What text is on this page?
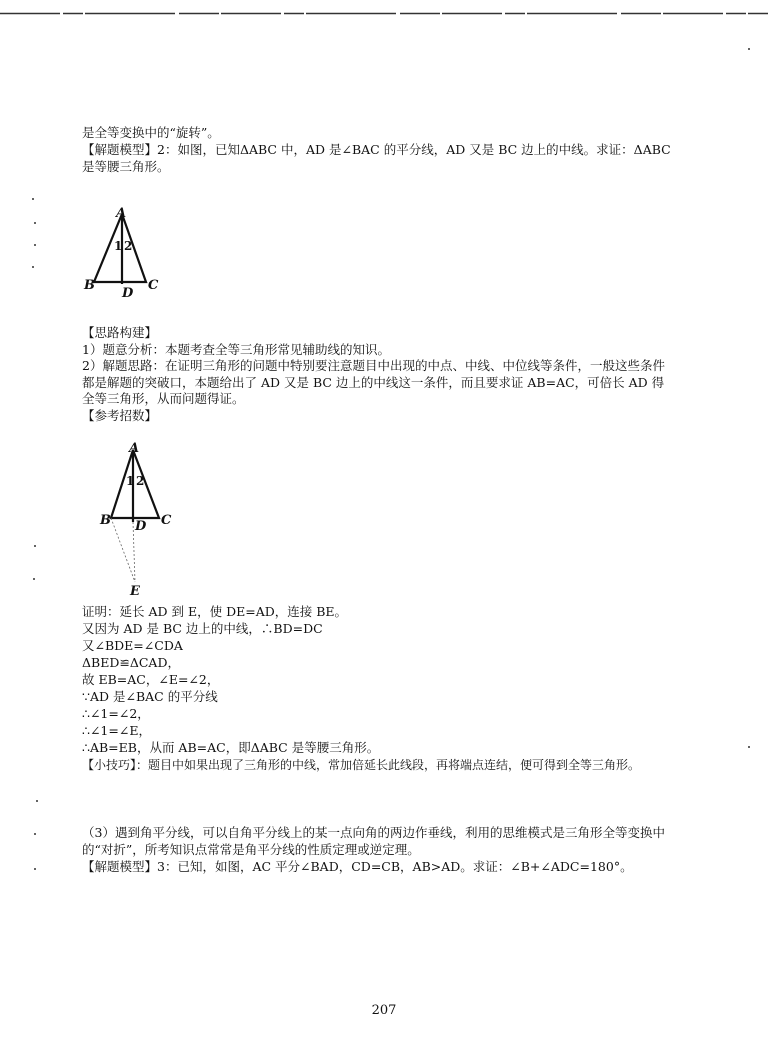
是全等变换中的“旋转”。
【解题模型】2：如图，已知ΔABC 中，AD 是∠BAC 的平分线，AD 又是 BC 边上的中线。求证：ΔABC
是等腰三角形。
A
1 2
B	C
D
【思路构建】
1）题意分析：本题考查全等三角形常见辅助线的知识。
2）解题思路：在证明三角形的问题中特别要注意题目中出现的中点、中线、中位线等条件，一般这些条件都是解题的突破口，本题给出了 AD 又是 BC 边上的中线这一条件，而且要求证 AB=AC，可倍长 AD 得全等三角形，从而问题得证。
【参考招数】
A
1 2
B	C
D
E
证明：延长 AD 到 E，使 DE=AD，连接 BE。
又因为 AD 是 BC 边上的中线，∴BD=DC
又∠BDE=∠CDA
ΔBED≌ΔCAD，
故 EB=AC，∠E=∠2，
∵AD 是∠BAC 的平分线
∴∠1=∠2，
∴∠1=∠E，
∴AB=EB，从而 AB=AC，即ΔABC 是等腰三角形。
【小技巧】：题目中如果出现了三角形的中线，常加倍延长此线段，再将端点连结，便可得到全等三角形。
（3）遇到角平分线，可以自角平分线上的某一点向角的两边作垂线，利用的思维模式是三角形全等变换中的“对折”，所考知识点常常是角平分线的性质定理或逆定理。
【解题模型】3：已知，如图，AC 平分∠BAD，CD=CB，AB>AD。求证：∠B+∠ADC=180°。
207
